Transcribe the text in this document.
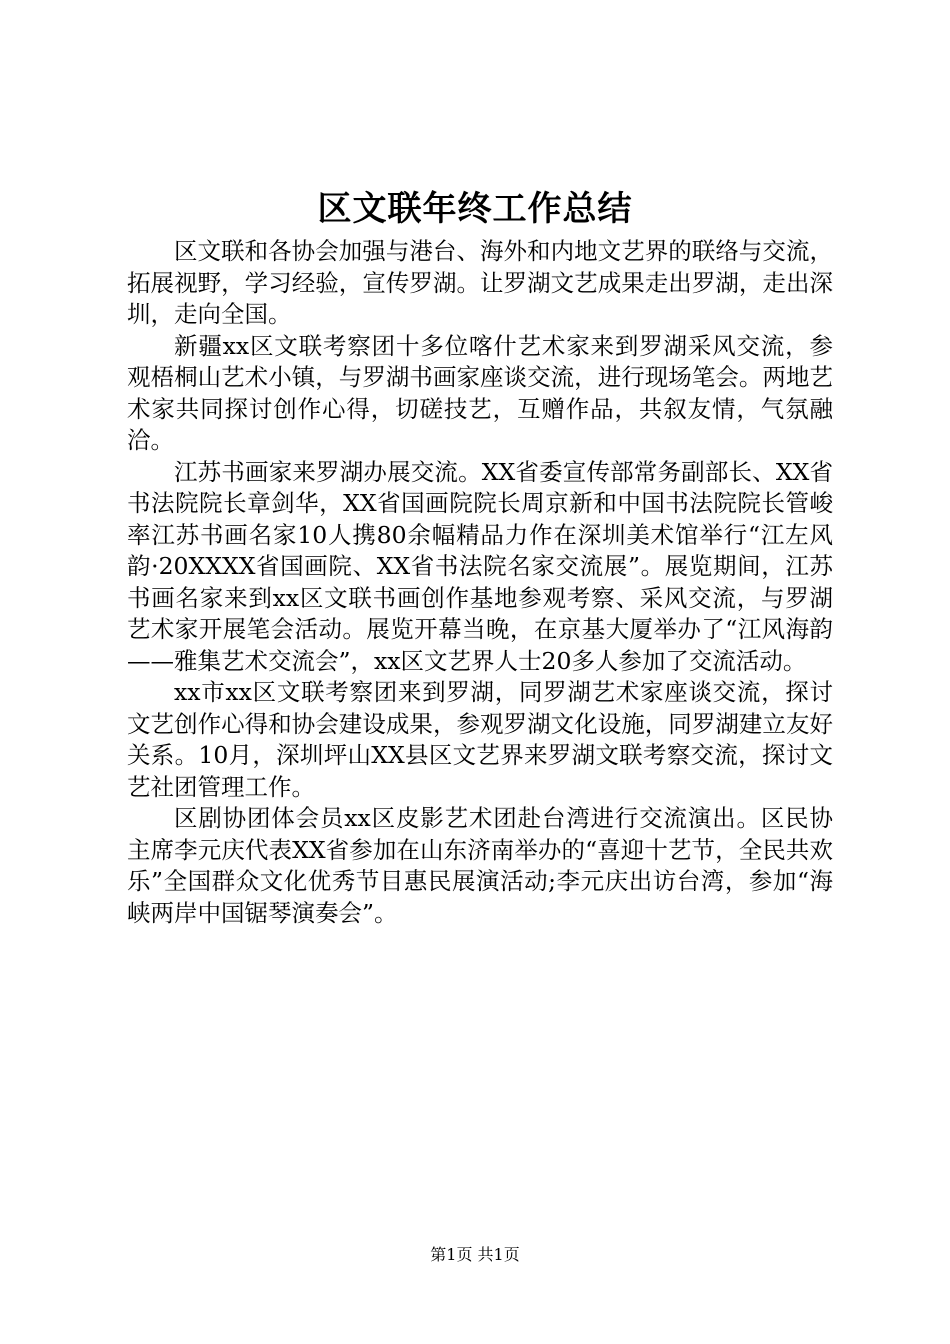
区文联年终工作总结

区文联和各协会加强与港台、海外和内地文艺界的联络与交流，拓展视野，学习经验，宣传罗湖。让罗湖文艺成果走出罗湖，走出深圳，走向全国。

新疆xx区文联考察团十多位喀什艺术家来到罗湖采风交流，参观梧桐山艺术小镇，与罗湖书画家座谈交流，进行现场笔会。两地艺术家共同探讨创作心得，切磋技艺，互赠作品，共叙友情，气氛融洽。

江苏书画家来罗湖办展交流。XX省委宣传部常务副部长、XX省书法院院长章剑华，XX省国画院院长周京新和中国书法院院长管峻率江苏书画名家10人携80余幅精品力作在深圳美术馆举行“江左风韵·20XXXX省国画院、XX省书法院名家交流展”。展览期间，江苏书画名家来到xx区文联书画创作基地参观考察、采风交流，与罗湖艺术家开展笔会活动。展览开幕当晚，在京基大厦举办了“江风海韵——雅集艺术交流会”，xx区文艺界人士20多人参加了交流活动。

xx市xx区文联考察团来到罗湖，同罗湖艺术家座谈交流，探讨文艺创作心得和协会建设成果，参观罗湖文化设施，同罗湖建立友好关系。10月，深圳坪山XX县区文艺界来罗湖文联考察交流，探讨文艺社团管理工作。

区剧协团体会员xx区皮影艺术团赴台湾进行交流演出。区民协主席李元庆代表XX省参加在山东济南举办的“喜迎十艺节，全民共欢乐”全国群众文化优秀节目惠民展演活动;李元庆出访台湾，参加“海峡两岸中国锯琴演奏会”。

第1页 共1页
